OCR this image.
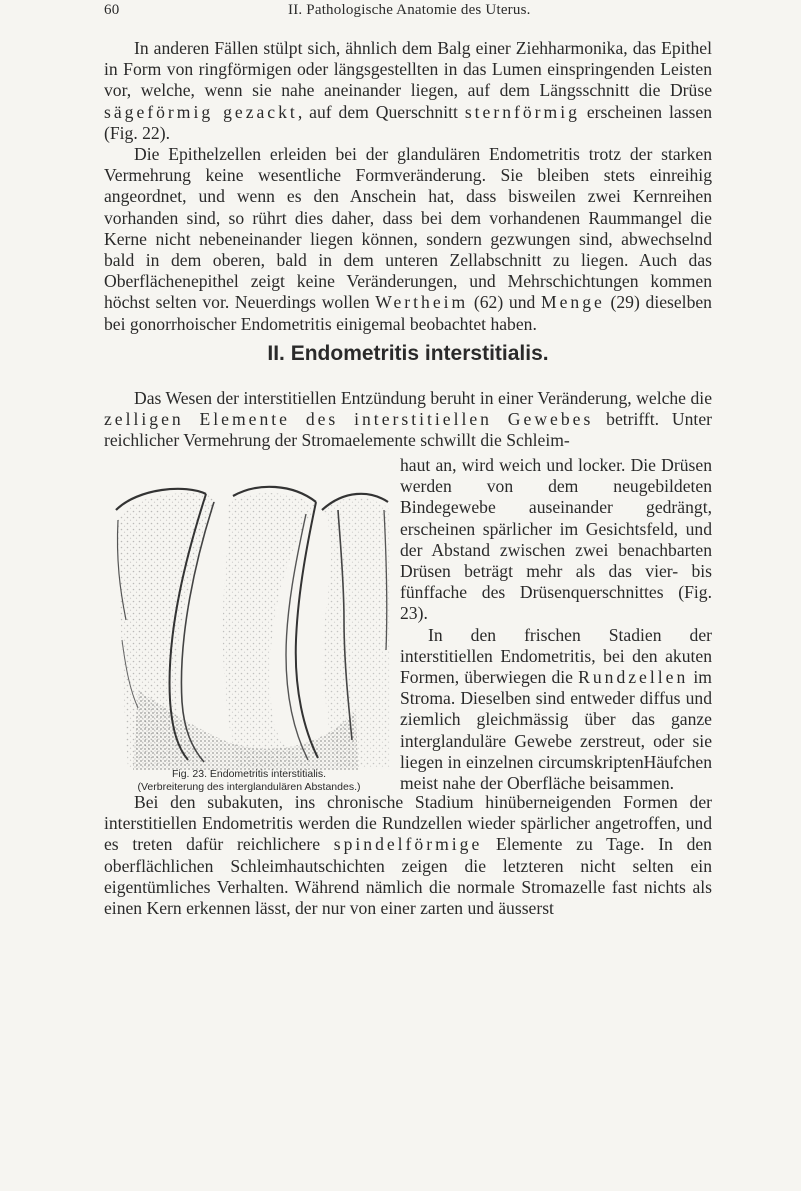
60	II. Pathologische Anatomie des Uterus.

In anderen Fällen stülpt sich, ähnlich dem Balg einer Ziehharmonika, das Epithel in Form von ringförmigen oder längsgestellten in das Lumen einspringenden Leisten vor, welche, wenn sie nahe aneinander liegen, auf dem Längsschnitt die Drüse sägeförmig gezackt, auf dem Querschnitt sternförmig erscheinen lassen (Fig. 22).

Die Epithelzellen erleiden bei der glandulären Endometritis trotz der starken Vermehrung keine wesentliche Formveränderung. Sie bleiben stets einreihig angeordnet, und wenn es den Anschein hat, dass bisweilen zwei Kernreihen vorhanden sind, so rührt dies daher, dass bei dem vorhandenen Raummangel die Kerne nicht nebeneinander liegen können, sondern gezwungen sind, abwechselnd bald in dem oberen, bald in dem unteren Zellabschnitt zu liegen. Auch das Oberflächenepithel zeigt keine Veränderungen, und Mehrschichtungen kommen höchst selten vor. Neuerdings wollen Wertheim (62) und Menge (29) dieselben bei gonorrhoischer Endometritis einigemal beobachtet haben.

II. Endometritis interstitialis.

Das Wesen der interstitiellen Entzündung beruht in einer Veränderung, welche die zelligen Elemente des interstitiellen Gewebes betrifft. Unter reichlicher Vermehrung der Stromaelemente schwillt die Schleim-

haut an, wird weich und locker. Die Drüsen werden von dem neugebildeten Bindegewebe auseinander gedrängt, erscheinen spärlicher im Gesichtsfeld, und der Abstand zwischen zwei benachbarten Drüsen beträgt mehr als das vier- bis fünffache des Drüsenquerschnittes (Fig. 23).

In den frischen Stadien der interstitiellen Endometritis, bei den akuten Formen, überwiegen die Rundzellen im Stroma. Dieselben sind entweder diffus und ziemlich gleichmässig über das ganze interglanduläre Gewebe zerstreut, oder sie liegen in einzelnen circumskriptenHäufchen meist nahe der Oberfläche beisammen.

Fig. 23. Endometritis interstitialis.
(Verbreiterung des interglandulären Abstandes.)

Bei den subakuten, ins chronische Stadium hinüberneigenden Formen der interstitiellen Endometritis werden die Rundzellen wieder spärlicher angetroffen, und es treten dafür reichlichere spindelförmige Elemente zu Tage. In den oberflächlichen Schleimhautschichten zeigen die letzteren nicht selten ein eigentümliches Verhalten. Während nämlich die normale Stromazelle fast nichts als einen Kern erkennen lässt, der nur von einer zarten und äusserst
